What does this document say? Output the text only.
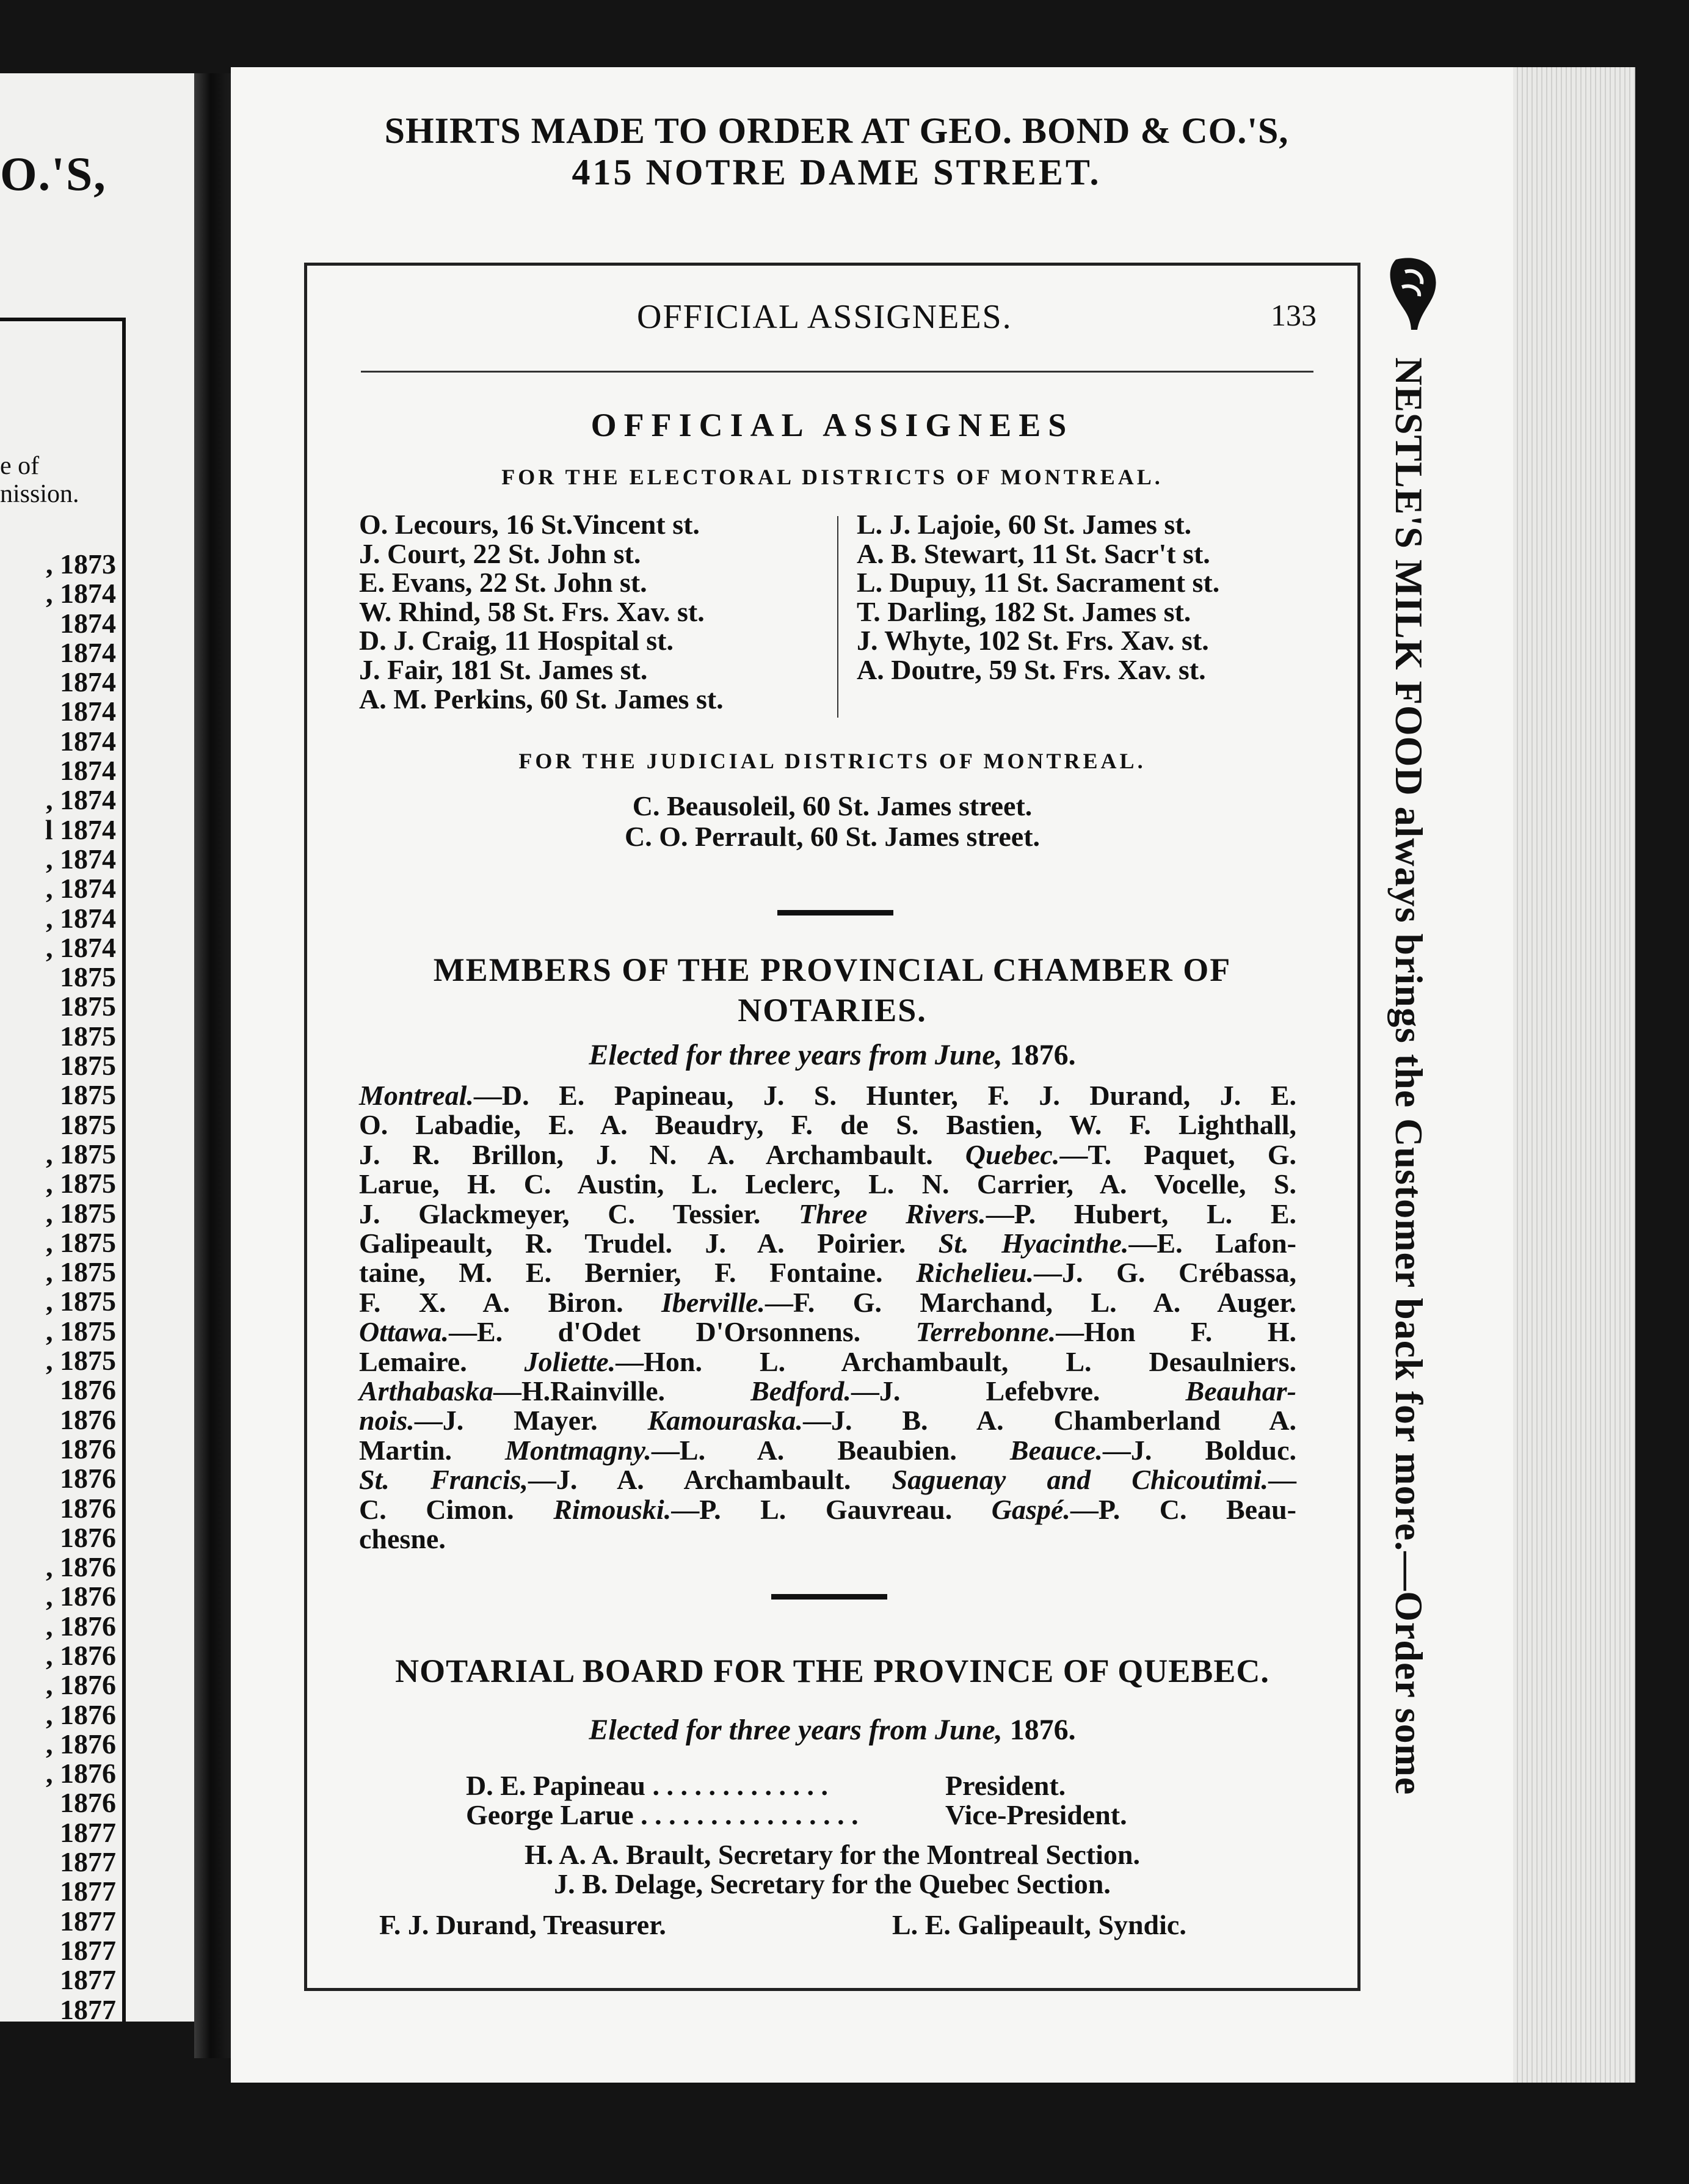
O.'S,
e of
nission.
, 1873
, 1874
1874
1874
1874
1874
1874
1874
, 1874
l 1874
, 1874
, 1874
, 1874
, 1874
1875
1875
1875
1875
1875
1875
, 1875
, 1875
, 1875
, 1875
, 1875
, 1875
, 1875
, 1875
1876
1876
1876
1876
1876
1876
, 1876
, 1876
, 1876
, 1876
, 1876
, 1876
, 1876
, 1876
1876
1877
1877
1877
1877
1877
1877
1877
SHIRTS MADE TO ORDER AT GEO. BOND & CO.'S,
415 NOTRE DAME STREET.
OFFICIAL ASSIGNEES.	133
OFFICIAL ASSIGNEES
FOR THE ELECTORAL DISTRICTS OF MONTREAL.
O. Lecours, 16 St.Vincent st.
J. Court, 22 St. John st.
E. Evans, 22 St. John st.
W. Rhind, 58 St. Frs. Xav. st.
D. J. Craig, 11 Hospital st.
J. Fair, 181 St. James st.
A. M. Perkins, 60 St. James st.
L. J. Lajoie, 60 St. James st.
A. B. Stewart, 11 St. Sacr't st.
L. Dupuy, 11 St. Sacrament st.
T. Darling, 182 St. James st.
J. Whyte, 102 St. Frs. Xav. st.
A. Doutre, 59 St. Frs. Xav. st.
FOR THE JUDICIAL DISTRICTS OF MONTREAL.
C. Beausoleil, 60 St. James street.
C. O. Perrault, 60 St. James street.
MEMBERS OF THE PROVINCIAL CHAMBER OF
NOTARIES.
Elected for three years from June, 1876.
Montreal.—D. E. Papineau, J. S. Hunter, F. J. Durand, J. E.
O. Labadie, E. A. Beaudry, F. de S. Bastien, W. F. Lighthall,
J. R. Brillon, J. N. A. Archambault. Quebec.—T. Paquet, G.
Larue, H. C. Austin, L. Leclerc, L. N. Carrier, A. Vocelle, S.
J. Glackmeyer, C. Tessier. Three Rivers.—P. Hubert, L. E.
Galipeault, R. Trudel. J. A. Poirier. St. Hyacinthe.—E. Lafon-
taine, M. E. Bernier, F. Fontaine. Richelieu.—J. G. Crébassa,
F. X. A. Biron. Iberville.—F. G. Marchand, L. A. Auger.
Ottawa.—E. d'Odet D'Orsonnens. Terrebonne.—Hon F. H.
Lemaire. Joliette.—Hon. L. Archambault, L. Desaulniers.
Arthabaska—H.Rainville. Bedford.—J. Lefebvre. Beauhar-
nois.—J. Mayer. Kamouraska.—J. B. A. Chamberland A.
Martin. Montmagny.—L. A. Beaubien. Beauce.—J. Bolduc.
St. Francis,—J. A. Archambault. Saguenay and Chicoutimi.—
C. Cimon. Rimouski.—P. L. Gauvreau. Gaspé.—P. C. Beau-
chesne.
NOTARIAL BOARD FOR THE PROVINCE OF QUEBEC.
Elected for three years from June, 1876.
D. E. Papineau . . . . . . . . . . . . .	President.
George Larue . . . . . . . . . . . . . . . .	Vice-President.
H. A. A. Brault, Secretary for the Montreal Section.
J. B. Delage, Secretary for the Quebec Section.
F. J. Durand, Treasurer.	L. E. Galipeault, Syndic.
NESTLE'S MILK FOOD always brings the Customer back for more.—Order some
